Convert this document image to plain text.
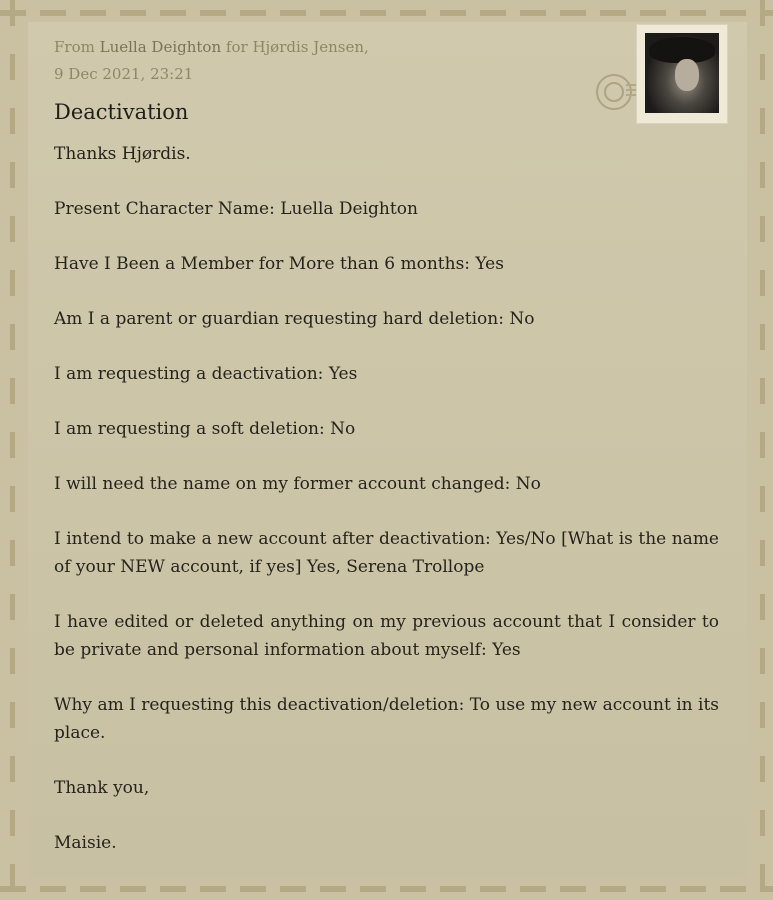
From Luella Deighton for Hjørdis Jensen,
9 Dec 2021, 23:21
Deactivation

Thanks Hjørdis.

Present Character Name: Luella Deighton

Have I Been a Member for More than 6 months: Yes

Am I a parent or guardian requesting hard deletion: No

I am requesting a deactivation: Yes

I am requesting a soft deletion: No

I will need the name on my former account changed: No

I intend to make a new account after deactivation: Yes/No [What is the name of your NEW account, if yes] Yes, Serena Trollope

I have edited or deleted anything on my previous account that I consider to be private and personal information about myself: Yes

Why am I requesting this deactivation/deletion: To use my new account in its place.

Thank you,

Maisie.
